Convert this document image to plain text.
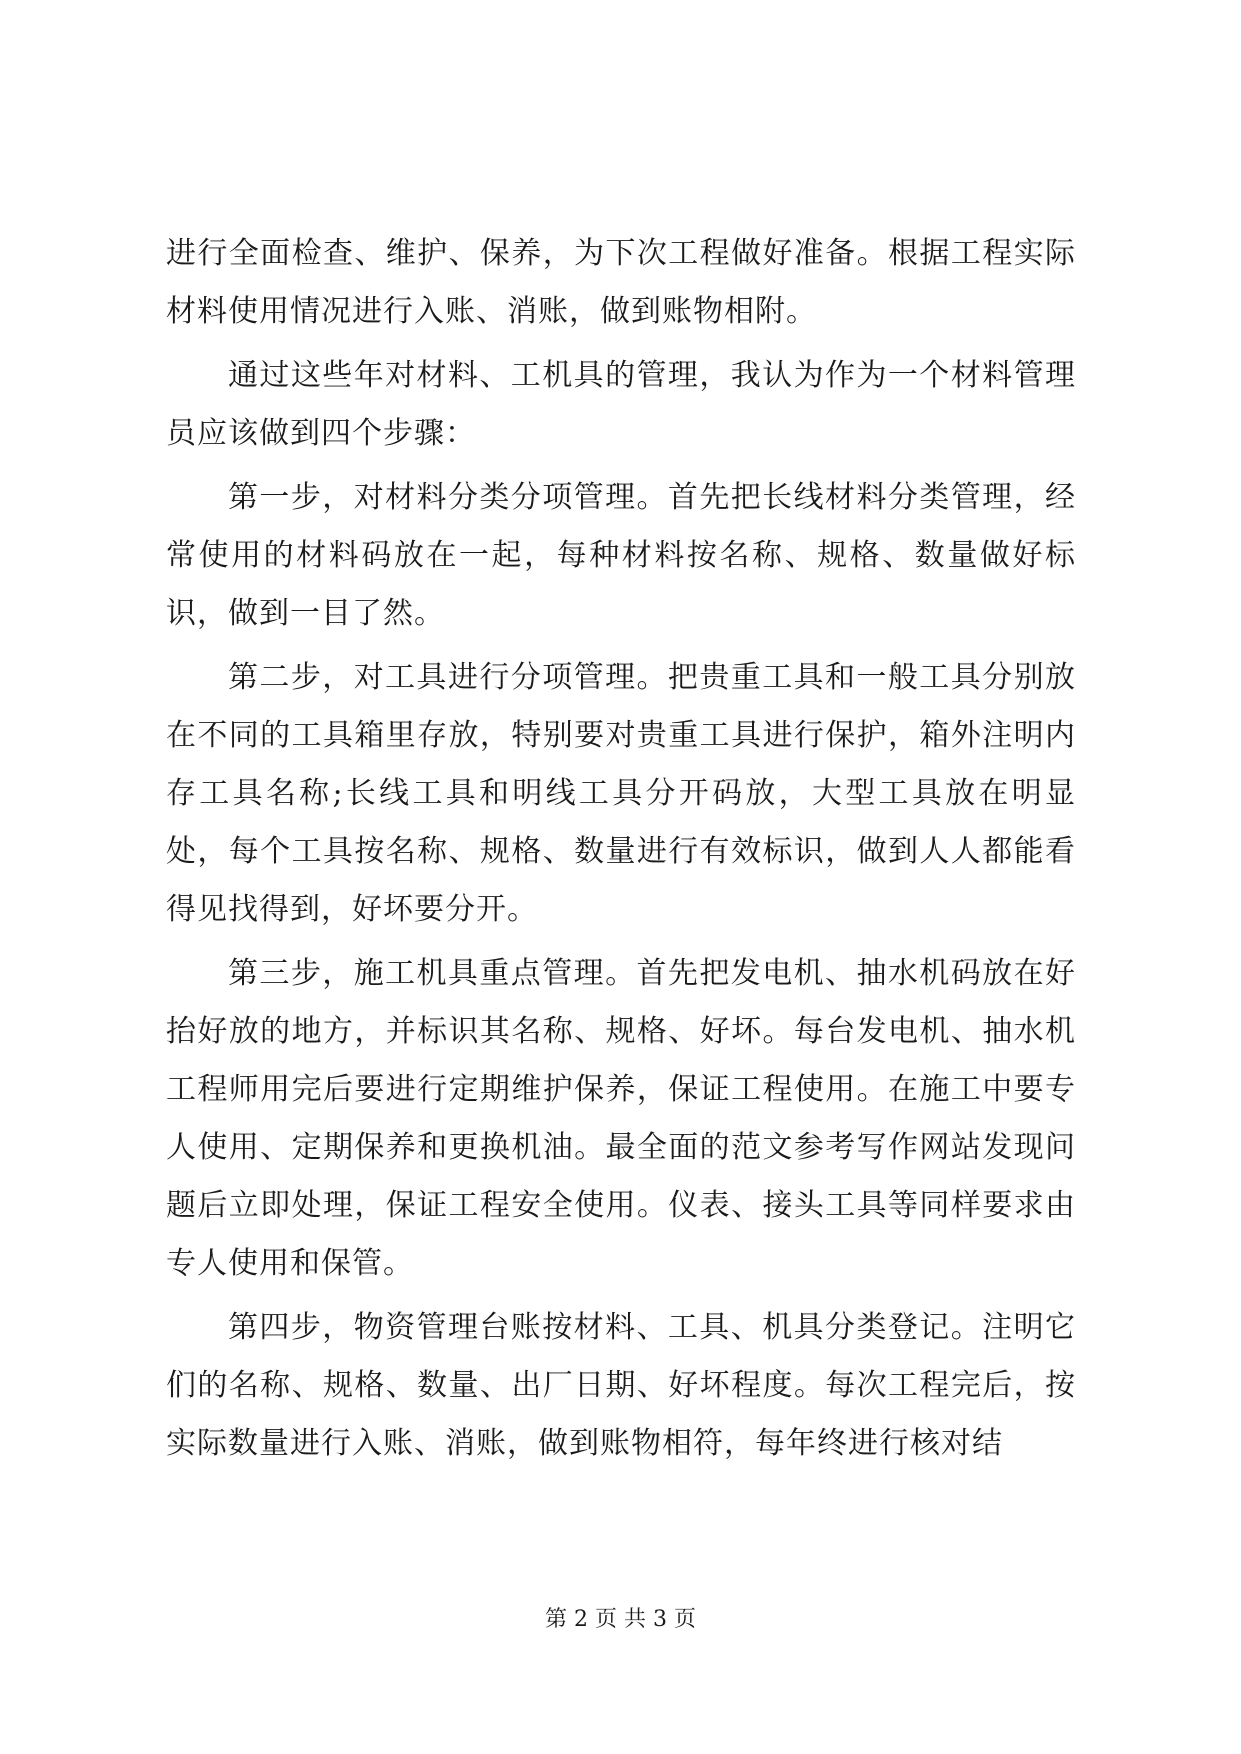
进行全面检查、维护、保养，为下次工程做好准备。根据工程实际材料使用情况进行入账、消账，做到账物相附。

通过这些年对材料、工机具的管理，我认为作为一个材料管理员应该做到四个步骤：

第一步，对材料分类分项管理。首先把长线材料分类管理，经常使用的材料码放在一起，每种材料按名称、规格、数量做好标识，做到一目了然。

第二步，对工具进行分项管理。把贵重工具和一般工具分别放在不同的工具箱里存放，特别要对贵重工具进行保护，箱外注明内存工具名称;长线工具和明线工具分开码放，大型工具放在明显处，每个工具按名称、规格、数量进行有效标识，做到人人都能看得见找得到，好坏要分开。

第三步，施工机具重点管理。首先把发电机、抽水机码放在好抬好放的地方，并标识其名称、规格、好坏。每台发电机、抽水机工程师用完后要进行定期维护保养，保证工程使用。在施工中要专人使用、定期保养和更换机油。最全面的范文参考写作网站发现问题后立即处理，保证工程安全使用。仪表、接头工具等同样要求由专人使用和保管。

第四步，物资管理台账按材料、工具、机具分类登记。注明它们的名称、规格、数量、出厂日期、好坏程度。每次工程完后，按实际数量进行入账、消账，做到账物相符，每年终进行核对结

第 2 页 共 3 页
